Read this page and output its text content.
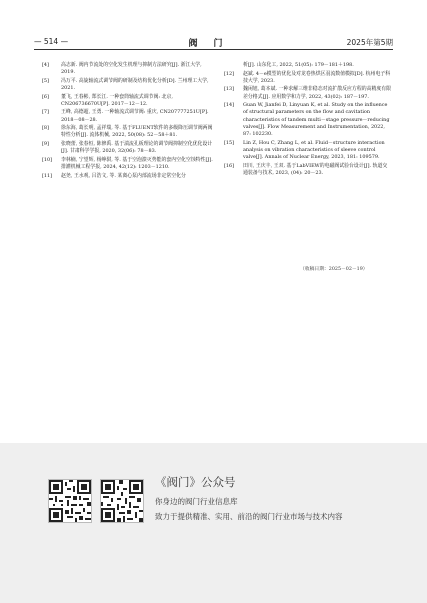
— 514 —	阀门	2025年第5期
[4] 高志新. 阀内节流处的空化发生机理与抑制方法研究[J]. 浙江大学, 2019.
[5] 冯万平. 高旋轴流式调节阀的研制及结构优化分析[D]. 兰州理工大学, 2021.
[6] 董飞, 王春彬, 郑长江. 一种套筒轴流式调节阀: 北京, CN206736670U[P]. 2017－12－12.
[7] 王峰, 高德超, 王勇. 一种轴流式调节阀: 重庆, CN207777251U[P]. 2018－08－28.
[8] 徐东海, 葛长明, 孟祥瑞, 等. 基于FLUENT软件的多级降压调节阀两阀特性分析[J]. 流体机械, 2022, 50(08): 52－58＋81.
[9] 张晓蕾, 张春恒, 陈修禹. 基于湍流孔板理论的调节阀抑制空化优化设计[J]. 甘肃科学学报, 2020, 32(06): 78－83.
[10] 李林楠, 宁望辉, 杨峥骐, 等. 基于空泡溃灭势能的套内空化空蚀特性[J]. 排灌机械工程学报, 2024, 42(12): 1203－1210.
[11] 赵尧, 王水观, 吕浩文, 等. 某离心泵内部流场非定常空化分
析[J]. 山东化工, 2022, 51(05): 179－181＋198.
[12] 赵斌. 4－e模型的优化及对龙卷热烘区羽流数值模拟[D]. 杭州电子科技大学, 2023.
[13] 魏闲旭, 葛本斌. 一种求解三维非稳态对流扩散反应方程的高精度有限差分格式[J]. 应用数学和力学, 2022, 43(02): 187－197.
[14] Guan W, Jianfei D, Linyuan K, et al. Study on the influence of structural parameters on the flow and cavitation characteristics of tandem multi－stage pressure－reducing valves[J]. Flow Measurement and Instrumentation, 2022, 87: 102230.
[15] Lin Z, Hou C, Zhang L, et al. Fluid－structure interaction analysis on vibration characteristics of sleeve control valve[J]. Annals of Nuclear Energy, 2023, 181: 109579.
[16] 田川, 王庆丰, 王双. 基于LabVIEW的电磁阀试验台设计[J]. 轨道交通装备与技术, 2023, (04): 20－23.
（收稿日期：2025－02－19）
《阀门》公众号
你身边的阀门行业信息库
致力于提供精准、实用、前沿的阀门行业市场与技术内容
